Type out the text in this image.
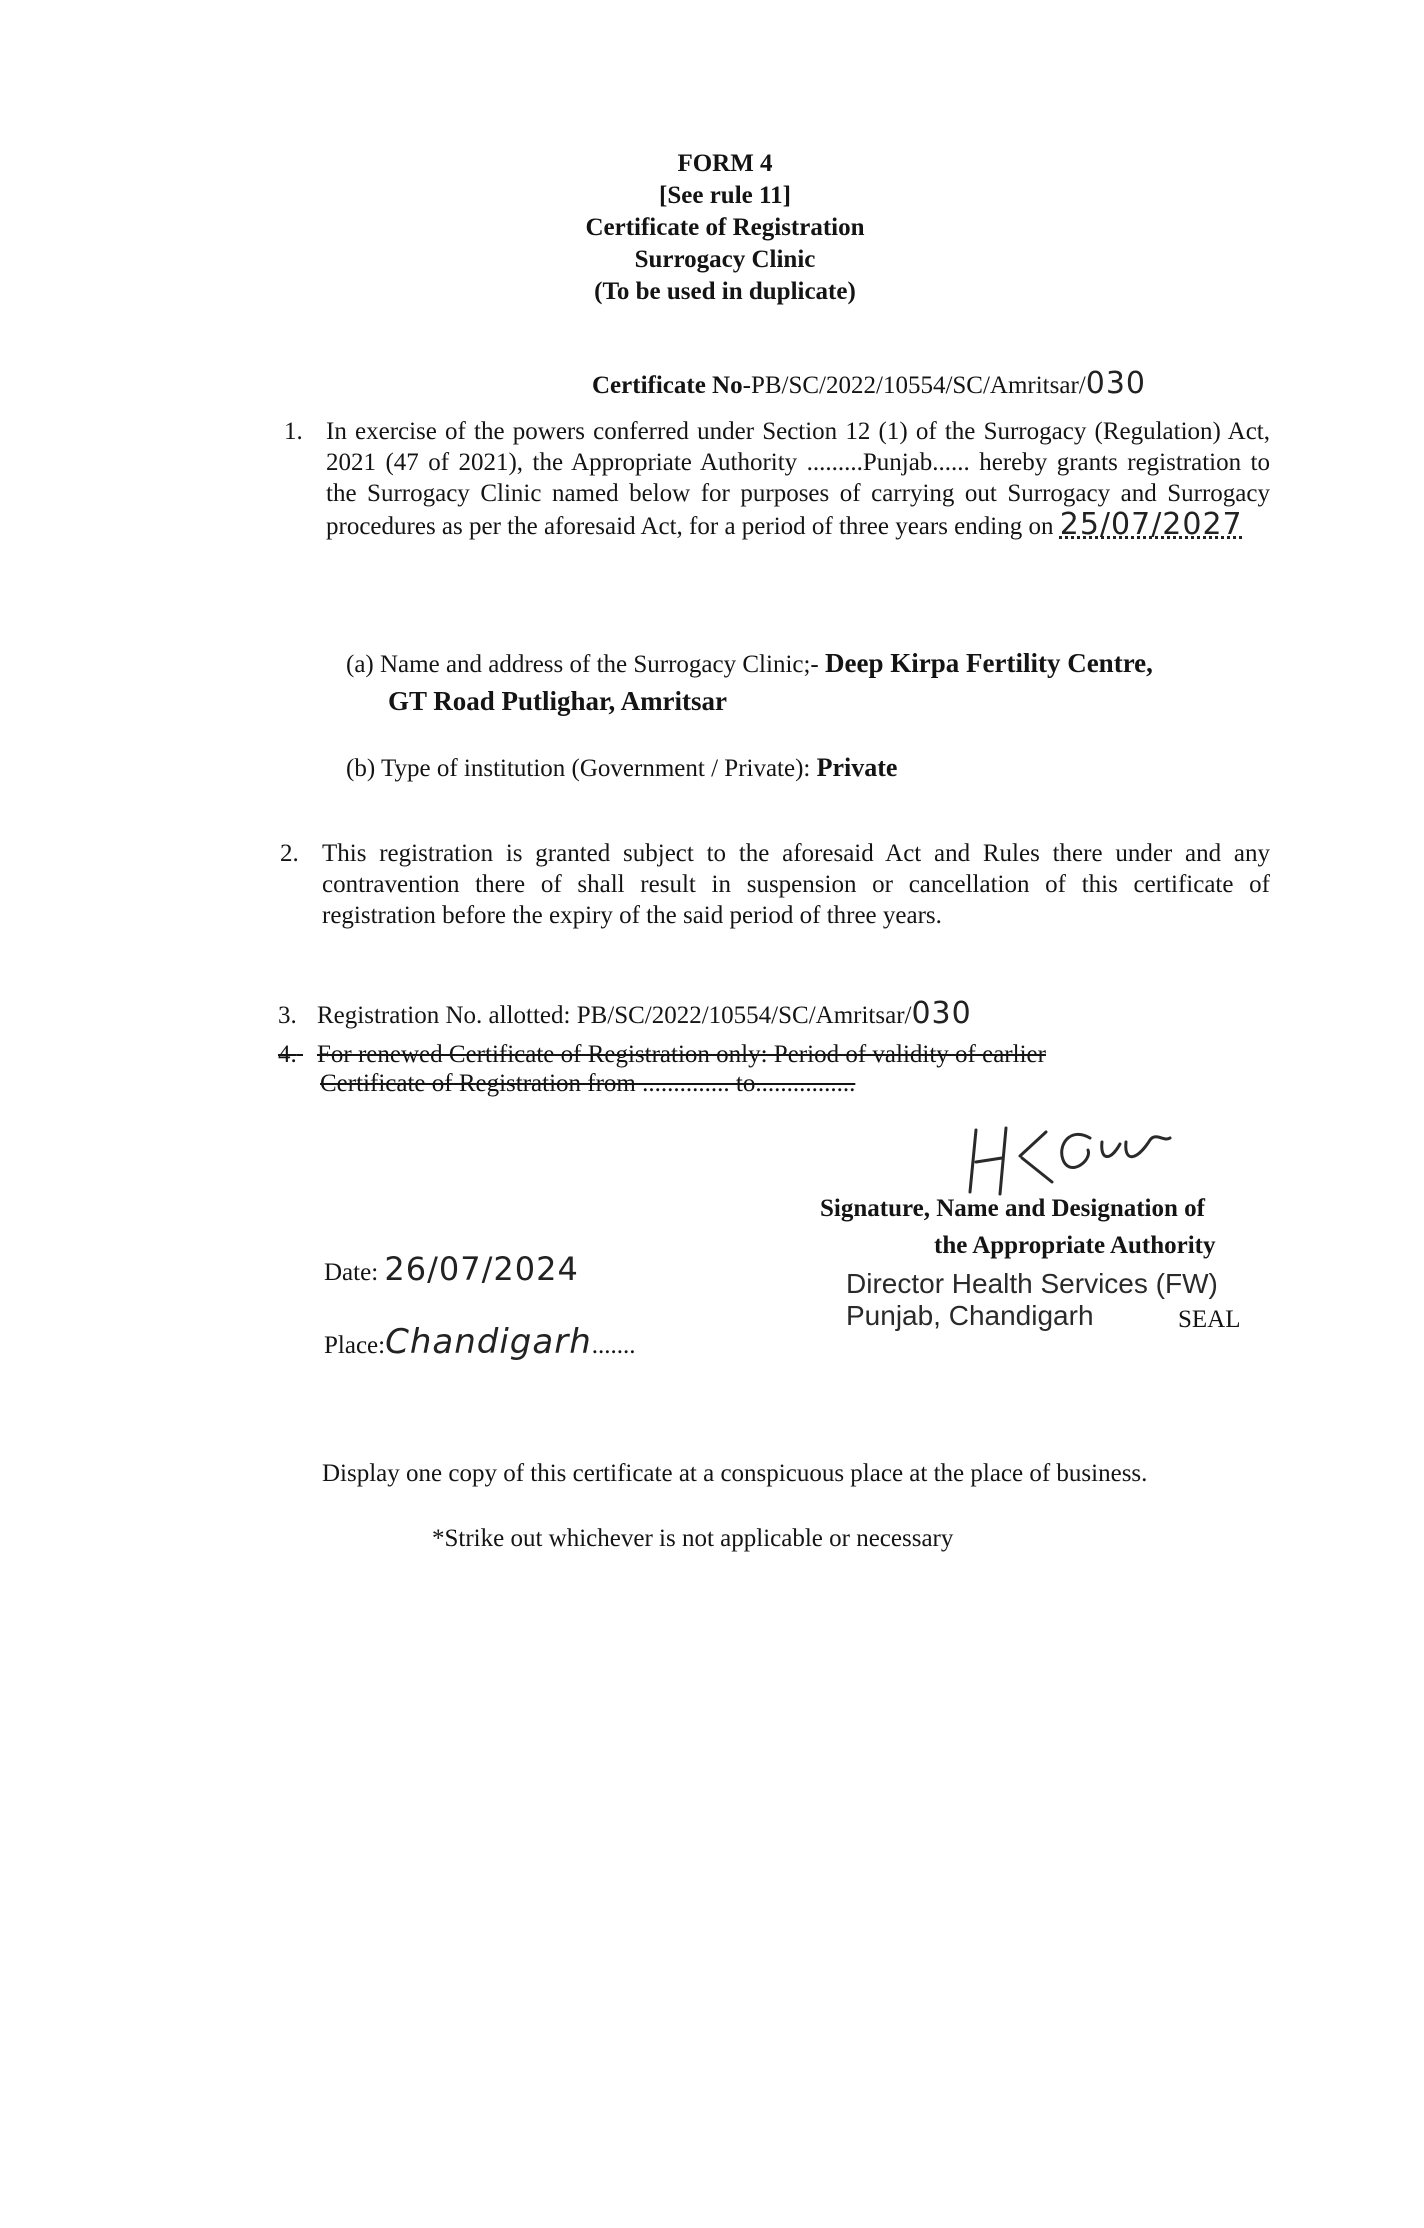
FORM 4
[See rule 11]
Certificate of Registration
Surrogacy Clinic
(To be used in duplicate)
Certificate No-PB/SC/2022/10554/SC/Amritsar/030
1. In exercise of the powers conferred under Section 12 (1) of the Surrogacy (Regulation) Act, 2021 (47 of 2021), the Appropriate Authority .........Punjab...... hereby grants registration to the Surrogacy Clinic named below for purposes of carrying out Surrogacy and Surrogacy procedures as per the aforesaid Act, for a period of three years ending on 25/07/2027
(a) Name and address of the Surrogacy Clinic;- Deep Kirpa Fertility Centre,
GT Road Putlighar, Amritsar
(b) Type of institution (Government / Private): Private
2. This registration is granted subject to the aforesaid Act and Rules there under and any contravention there of shall result in suspension or cancellation of this certificate of registration before the expiry of the said period of three years.
3. Registration No. allotted: PB/SC/2022/10554/SC/Amritsar/030
4. For renewed Certificate of Registration only: Period of validity of earlier
Certificate of Registration from .............. to................
Signature, Name and Designation of
the Appropriate Authority
Director Health Services (FW)
Punjab, Chandigarh	SEAL
Date: 26/07/2024
Place:Chandigarh.......
Display one copy of this certificate at a conspicuous place at the place of business.
*Strike out whichever is not applicable or necessary
